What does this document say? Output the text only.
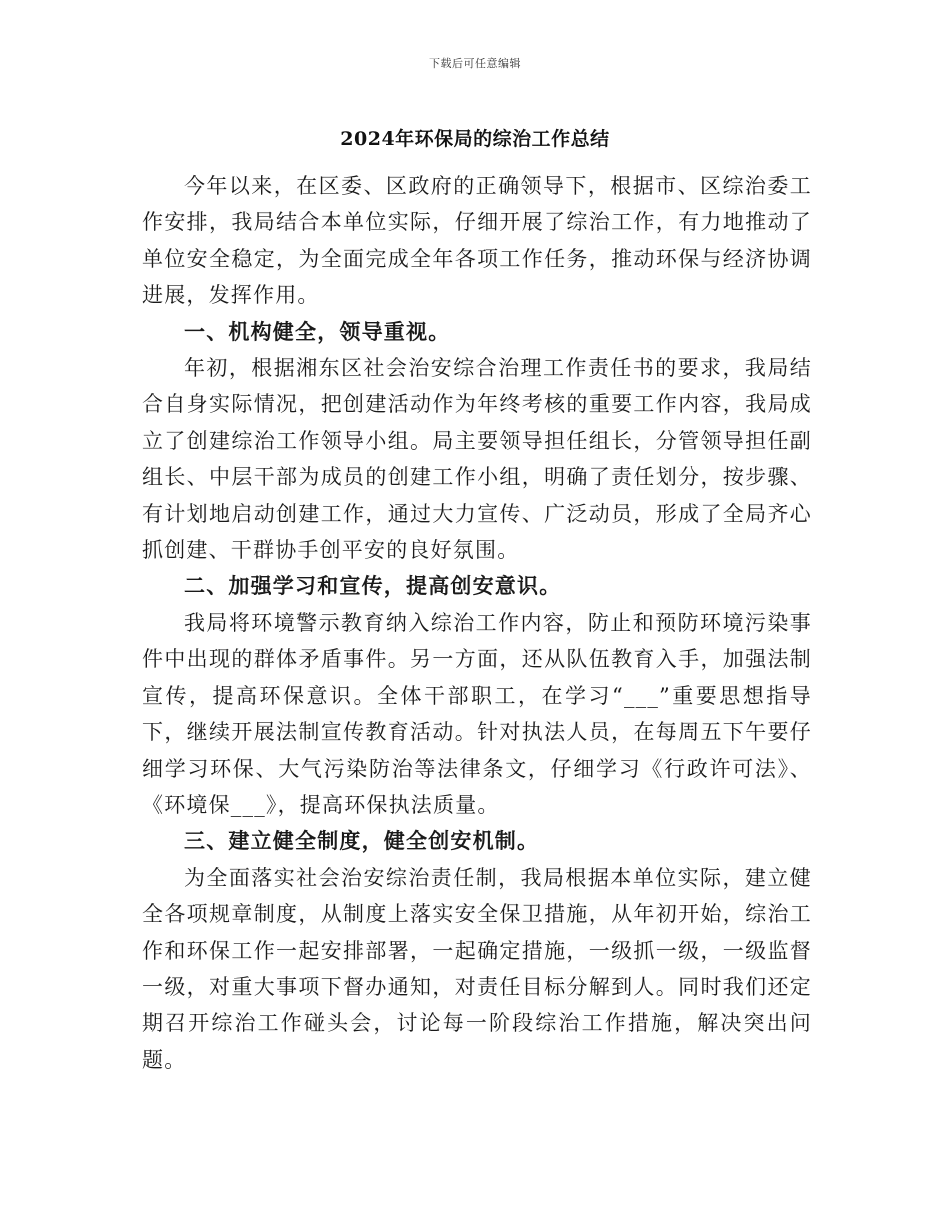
下载后可任意编辑
2024年环保局的综治工作总结

今年以来，在区委、区政府的正确领导下，根据市、区综治委工作安排，我局结合本单位实际，仔细开展了综治工作，有力地推动了单位安全稳定，为全面完成全年各项工作任务，推动环保与经济协调进展，发挥作用。

一、机构健全，领导重视。

年初，根据湘东区社会治安综合治理工作责任书的要求，我局结合自身实际情况，把创建活动作为年终考核的重要工作内容，我局成立了创建综治工作领导小组。局主要领导担任组长，分管领导担任副组长、中层干部为成员的创建工作小组，明确了责任划分，按步骤、有计划地启动创建工作，通过大力宣传、广泛动员，形成了全局齐心抓创建、干群协手创平安的良好氛围。

二、加强学习和宣传，提高创安意识。

我局将环境警示教育纳入综治工作内容，防止和预防环境污染事件中出现的群体矛盾事件。另一方面，还从队伍教育入手，加强法制宣传，提高环保意识。全体干部职工，在学习“___”重要思想指导下，继续开展法制宣传教育活动。针对执法人员，在每周五下午要仔细学习环保、大气污染防治等法律条文，仔细学习《行政许可法》、《环境保___》，提高环保执法质量。

三、建立健全制度，健全创安机制。

为全面落实社会治安综治责任制，我局根据本单位实际，建立健全各项规章制度，从制度上落实安全保卫措施，从年初开始，综治工作和环保工作一起安排部署，一起确定措施，一级抓一级，一级监督一级，对重大事项下督办通知，对责任目标分解到人。同时我们还定期召开综治工作碰头会，讨论每一阶段综治工作措施，解决突出问题。
